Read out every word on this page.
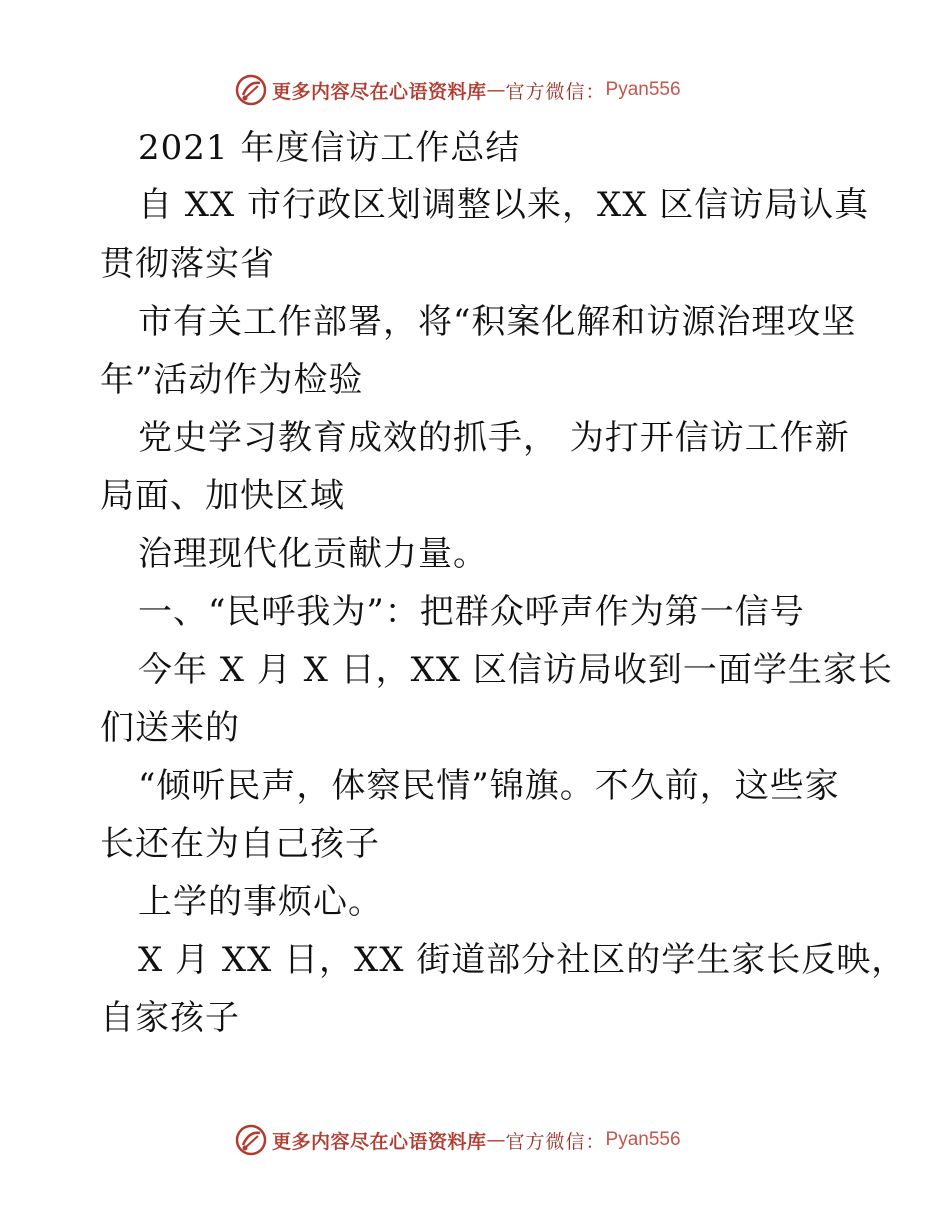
更多内容尽在心语资料库 — 官方微信： Pyan556
2021 年度信访工作总结
自 XX 市行政区划调整以来，XX 区信访局认真
贯彻落实省
市有关工作部署，将“积案化解和访源治理攻坚
年”活动作为检验
党史学习教育成效的抓手， 为打开信访工作新
局面、加快区域
治理现代化贡献力量。
一、“民呼我为”：把群众呼声作为第一信号
今年 X 月 X 日，XX 区信访局收到一面学生家长
们送来的
“倾听民声，体察民情”锦旗。不久前，这些家
长还在为自己孩子
上学的事烦心。
X 月 XX 日，XX 街道部分社区的学生家长反映，
自家孩子
更多内容尽在心语资料库 — 官方微信： Pyan556
